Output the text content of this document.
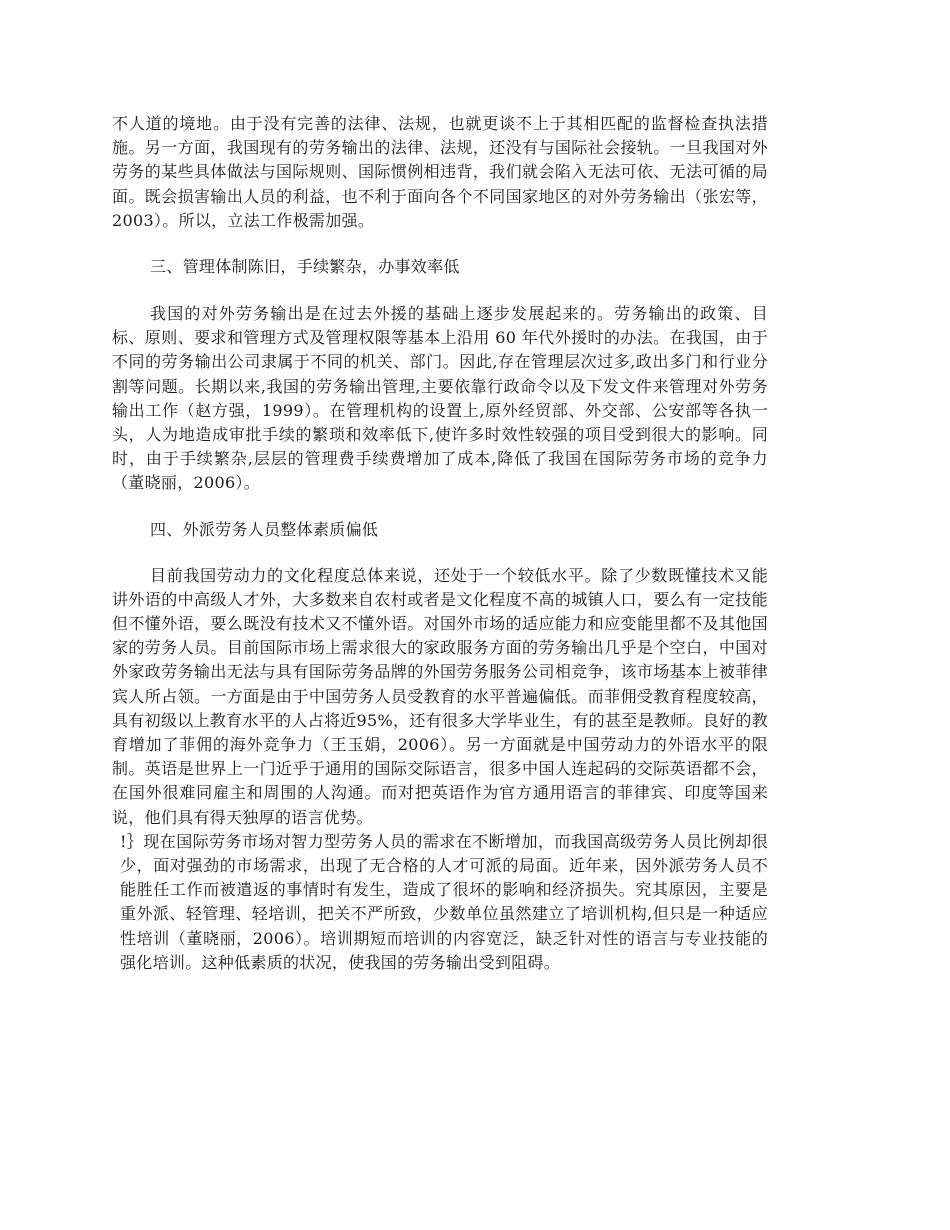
不人道的境地。由于没有完善的法律、法规，也就更谈不上于其相匹配的监督检查执法措施。另一方面，我国现有的劳务输出的法律、法规，还没有与国际社会接轨。一旦我国对外劳务的某些具体做法与国际规则、国际惯例相违背，我们就会陷入无法可依、无法可循的局面。既会损害输出人员的利益，也不利于面向各个不同国家地区的对外劳务输出（张宏等，2003）。所以，立法工作极需加强。

三、管理体制陈旧，手续繁杂，办事效率低

我国的对外劳务输出是在过去外援的基础上逐步发展起来的。劳务输出的政策、目标、原则、要求和管理方式及管理权限等基本上沿用 60 年代外援时的办法。在我国，由于不同的劳务输出公司隶属于不同的机关、部门。因此,存在管理层次过多,政出多门和行业分割等问题。长期以来,我国的劳务输出管理,主要依靠行政命令以及下发文件来管理对外劳务输出工作（赵方强，1999）。在管理机构的设置上,原外经贸部、外交部、公安部等各执一头，人为地造成审批手续的繁琐和效率低下,使许多时效性较强的项目受到很大的影响。同时，由于手续繁杂,层层的管理费手续费增加了成本,降低了我国在国际劳务市场的竞争力（董晓丽，2006）。

四、外派劳务人员整体素质偏低

目前我国劳动力的文化程度总体来说，还处于一个较低水平。除了少数既懂技术又能讲外语的中高级人才外，大多数来自农村或者是文化程度不高的城镇人口，要么有一定技能但不懂外语，要么既没有技术又不懂外语。对国外市场的适应能力和应变能里都不及其他国家的劳务人员。目前国际市场上需求很大的家政服务方面的劳务输出几乎是个空白，中国对外家政劳务输出无法与具有国际劳务品牌的外国劳务服务公司相竞争，该市场基本上被菲律宾人所占领。一方面是由于中国劳务人员受教育的水平普遍偏低。而菲佣受教育程度较高，具有初级以上教育水平的人占将近95%，还有很多大学毕业生，有的甚至是教师。良好的教育增加了菲佣的海外竞争力（王玉娟，2006）。另一方面就是中国劳动力的外语水平的限制。英语是世界上一门近乎于通用的国际交际语言，很多中国人连起码的交际英语都不会，在国外很难同雇主和周围的人沟通。而对把英语作为官方通用语言的菲律宾、印度等国来说，他们具有得天独厚的语言优势。

!｝现在国际劳务市场对智力型劳务人员的需求在不断增加，而我国高级劳务人员比例却很少，面对强劲的市场需求，出现了无合格的人才可派的局面。近年来，因外派劳务人员不能胜任工作而被遣返的事情时有发生，造成了很坏的影响和经济损失。究其原因，主要是重外派、轻管理、轻培训，把关不严所致，少数单位虽然建立了培训机构,但只是一种适应性培训（董晓丽，2006）。培训期短而培训的内容宽泛，缺乏针对性的语言与专业技能的强化培训。这种低素质的状况，使我国的劳务输出受到阻碍。
